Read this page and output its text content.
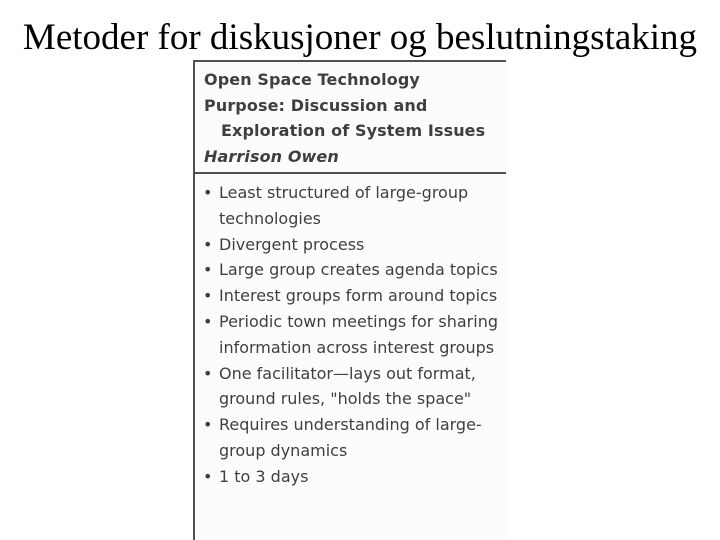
Metoder for diskusjoner og beslutningstaking
Open Space Technology
Purpose: Discussion and
Exploration of System Issues
Harrison Owen
• Least structured of large-group technologies
• Divergent process
• Large group creates agenda topics
• Interest groups form around topics
• Periodic town meetings for sharing information across interest groups
• One facilitator—lays out format, ground rules, "holds the space"
• Requires understanding of large-group dynamics
• 1 to 3 days
